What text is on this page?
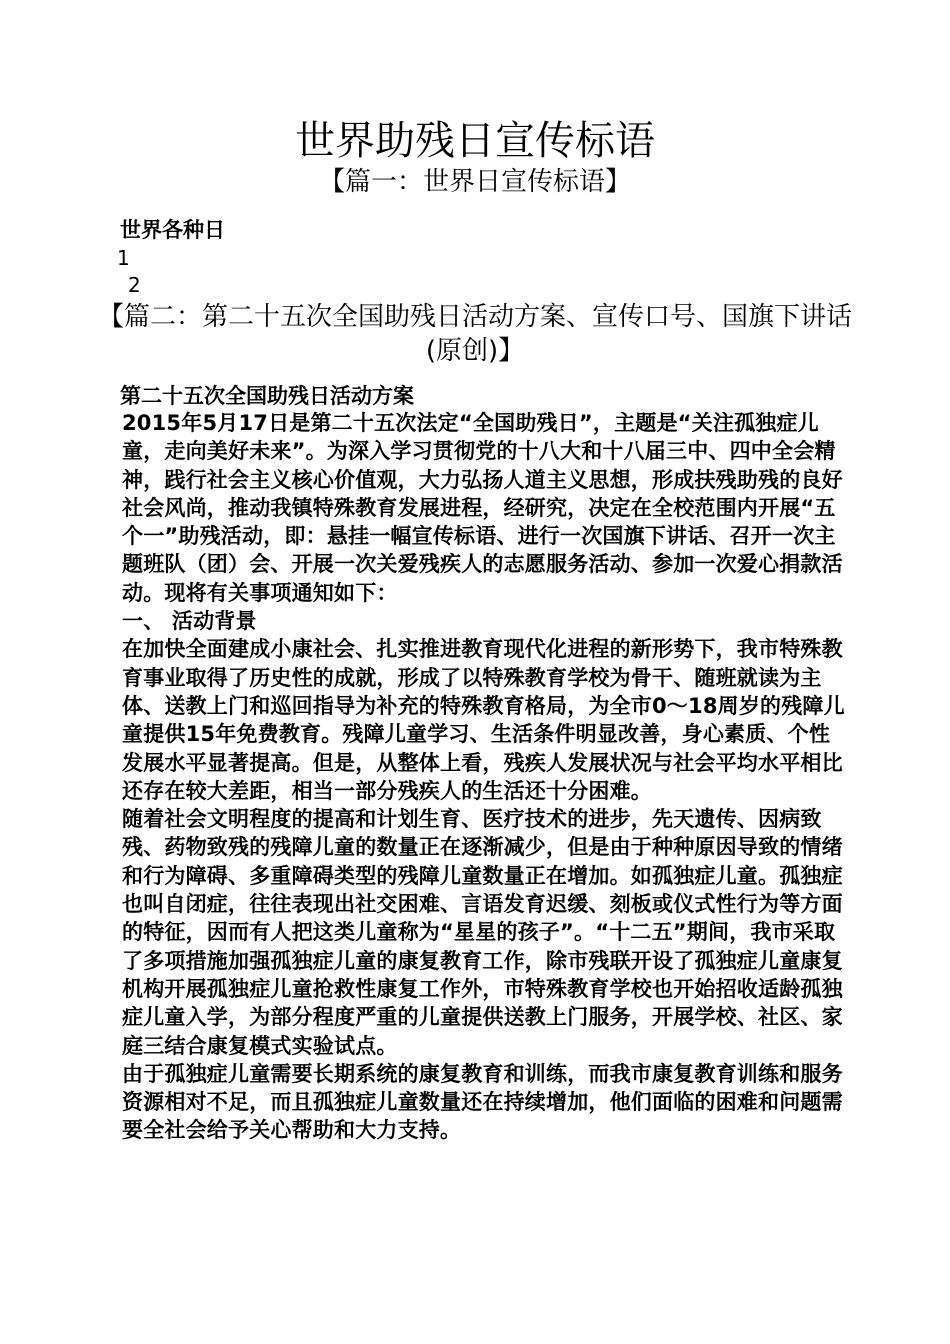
世界助残日宣传标语
【篇一：世界日宣传标语】
世界各种日
1
2
【篇二：第二十五次全国助残日活动方案、宣传口号、国旗下讲话(原创)】
第二十五次全国助残日活动方案

2015年5月17日是第二十五次法定“全国助残日”，主题是“关注孤独症儿童，走向美好未来”。为深入学习贯彻党的十八大和十八届三中、四中全会精神，践行社会主义核心价值观，大力弘扬人道主义思想，形成扶残助残的良好社会风尚，推动我镇特殊教育发展进程，经研究，决定在全校范围内开展“五个一”助残活动，即：悬挂一幅宣传标语、进行一次国旗下讲话、召开一次主题班队（团）会、开展一次关爱残疾人的志愿服务活动、参加一次爱心捐款活动。现将有关事项通知如下：

一、 活动背景

在加快全面建成小康社会、扎实推进教育现代化进程的新形势下，我市特殊教育事业取得了历史性的成就，形成了以特殊教育学校为骨干、随班就读为主体、送教上门和巡回指导为补充的特殊教育格局，为全市0～18周岁的残障儿童提供15年免费教育。残障儿童学习、生活条件明显改善，身心素质、个性发展水平显著提高。但是，从整体上看，残疾人发展状况与社会平均水平相比还存在较大差距，相当一部分残疾人的生活还十分困难。

随着社会文明程度的提高和计划生育、医疗技术的进步，先天遗传、因病致残、药物致残的残障儿童的数量正在逐渐减少，但是由于种种原因导致的情绪和行为障碍、多重障碍类型的残障儿童数量正在增加。如孤独症儿童。孤独症也叫自闭症，往往表现出社交困难、言语发育迟缓、刻板或仪式性行为等方面的特征，因而有人把这类儿童称为“星星的孩子”。“十二五”期间，我市采取了多项措施加强孤独症儿童的康复教育工作，除市残联开设了孤独症儿童康复机构开展孤独症儿童抢救性康复工作外，市特殊教育学校也开始招收适龄孤独症儿童入学，为部分程度严重的儿童提供送教上门服务，开展学校、社区、家庭三结合康复模式实验试点。

由于孤独症儿童需要长期系统的康复教育和训练，而我市康复教育训练和服务资源相对不足，而且孤独症儿童数量还在持续增加，他们面临的困难和问题需要全社会给予关心帮助和大力支持。
